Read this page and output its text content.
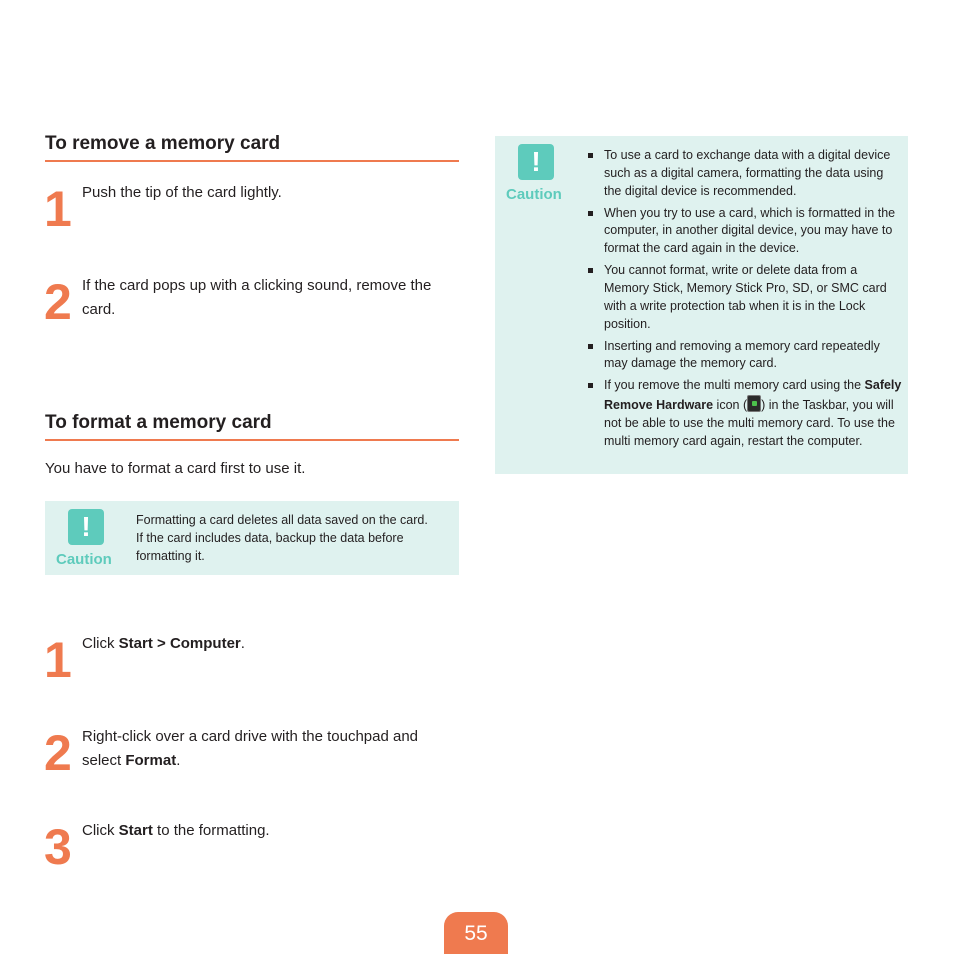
To remove a memory card
1 Push the tip of the card lightly.
2 If the card pops up with a clicking sound, remove the card.
To format a memory card
You have to format a card first to use it.
!
Caution
Formatting a card deletes all data saved on the card. If the card includes data, backup the data before formatting it.
1 Click Start > Computer.
2 Right-click over a card drive with the touchpad and select Format.
3 Click Start to the formatting.
!
Caution
To use a card to exchange data with a digital device such as a digital camera, formatting the data using the digital device is recommended.
When you try to use a card, which is formatted in the computer, in another digital device, you may have to format the card again in the device.
You cannot format, write or delete data from a Memory Stick, Memory Stick Pro, SD, or SMC card with a write protection tab when it is in the Lock position.
Inserting and removing a memory card repeatedly may damage the memory card.
If you remove the multi memory card using the Safely Remove Hardware icon ( ) in the Taskbar, you will not be able to use the multi memory card. To use the multi memory card again, restart the computer.
55
